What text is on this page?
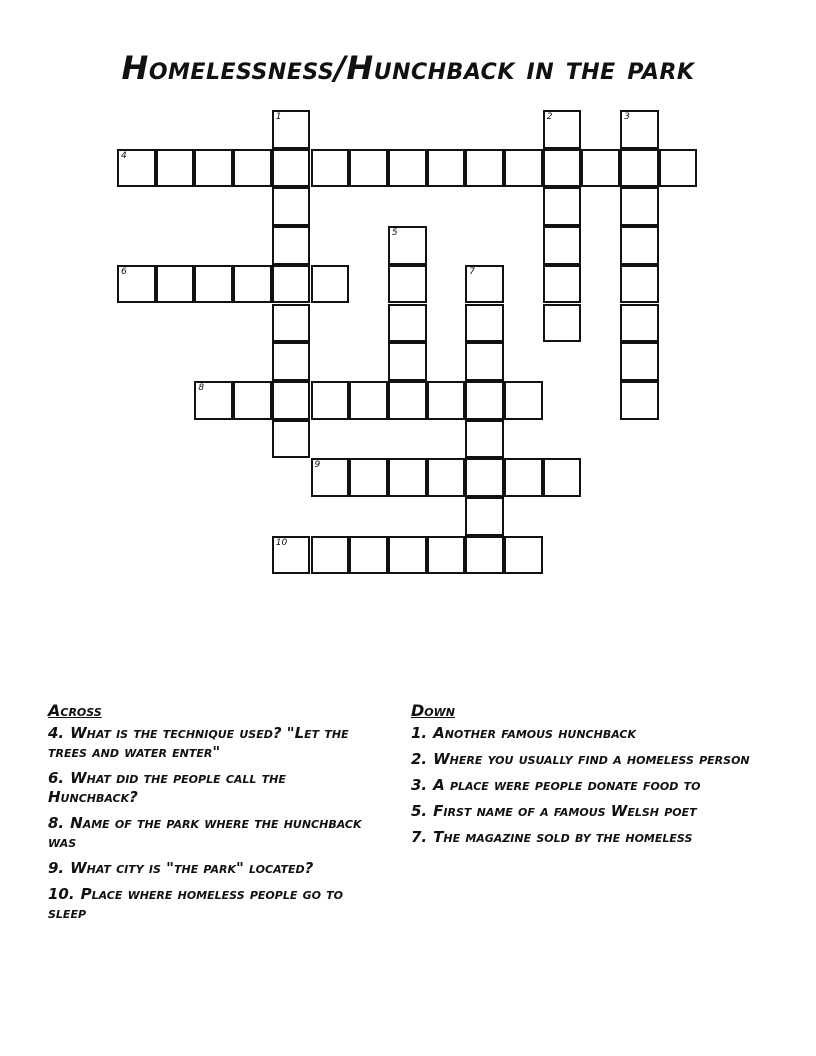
Homelessness/Hunchback in the park
1	2	3
4
5
6	7
8
9
10
Across
4. What is the technique used? "Let the trees and water enter"
6. What did the people call the Hunchback?
8. Name of the park where the hunchback was
9. What city is "the park" located?
10. Place where homeless people go to sleep
Down
1. Another famous hunchback
2. Where you usually find a homeless person
3. A place were people donate food to
5. First name of a famous Welsh poet
7. The magazine sold by the homeless
